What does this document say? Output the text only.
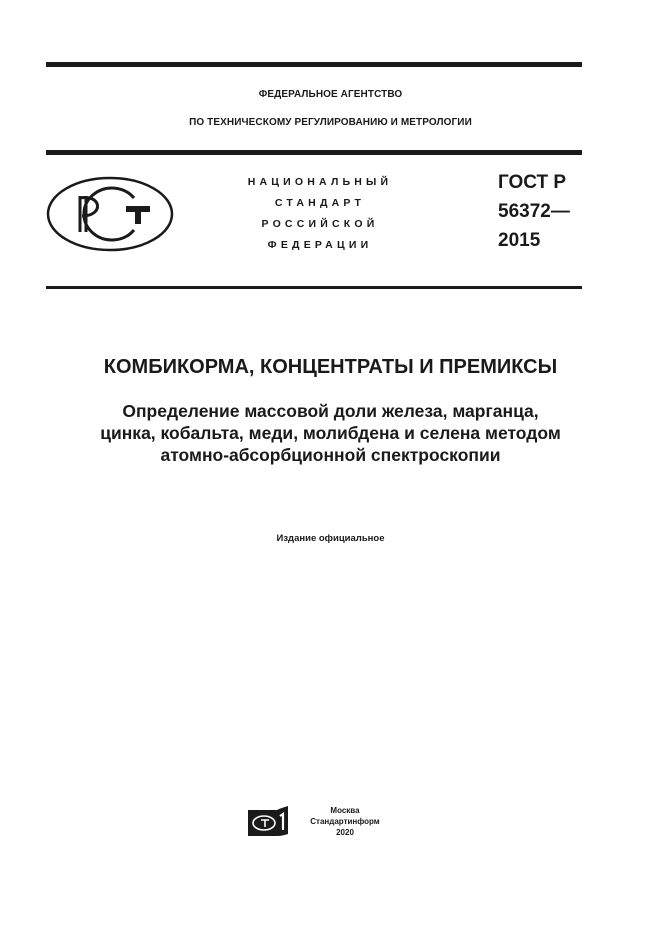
ФЕДЕРАЛЬНОЕ АГЕНТСТВО
ПО ТЕХНИЧЕСКОМУ РЕГУЛИРОВАНИЮ И МЕТРОЛОГИИ
НАЦИОНАЛЬНЫЙ
СТАНДАРТ
РОССИЙСКОЙ
ФЕДЕРАЦИИ
ГОСТ Р
56372—
2015
КОМБИКОРМА, КОНЦЕНТРАТЫ И ПРЕМИКСЫ
Определение массовой доли железа, марганца,
цинка, кобальта, меди, молибдена и селена методом
атомно-абсорбционной спектроскопии
Издание официальное
Москва
Стандартинформ
2020
